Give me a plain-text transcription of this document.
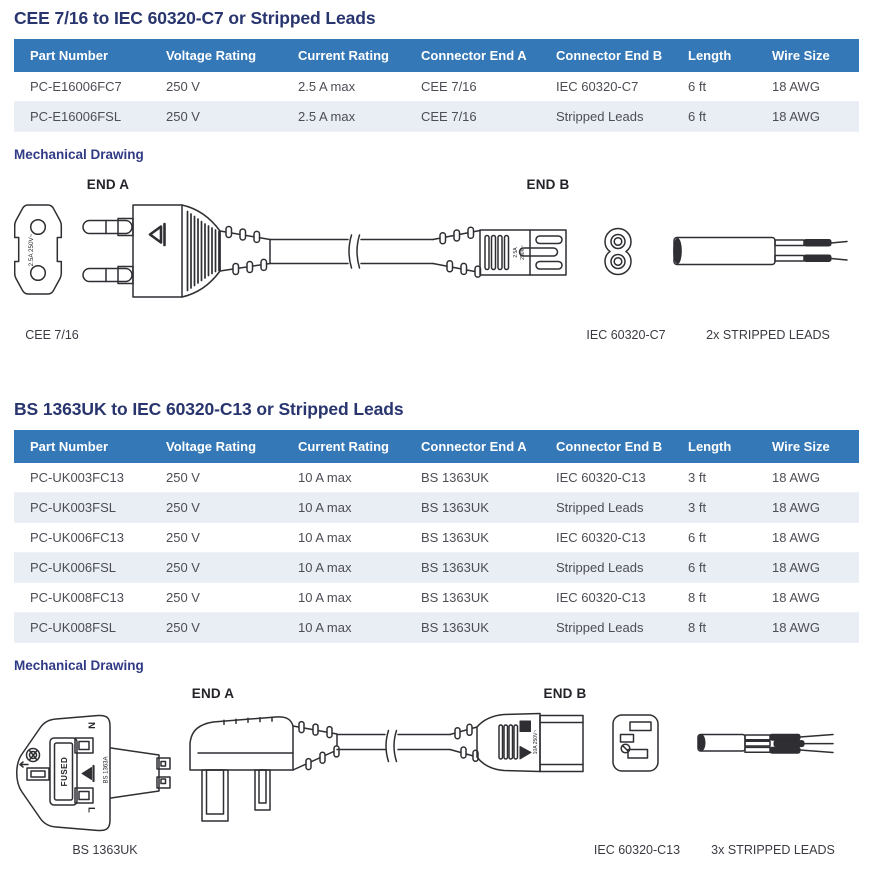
CEE 7/16 to IEC 60320-C7 or Stripped Leads
Part Number	Voltage Rating	Current Rating	Connector End A	Connector End B	Length	Wire Size
PC-E16006FC7	250 V	2.5 A max	CEE 7/16	IEC 60320-C7	6 ft	18 AWG
PC-E16006FSL	250 V	2.5 A max	CEE 7/16	Stripped Leads	6 ft	18 AWG
Mechanical Drawing
END A	END B
2.5A 250V~	2.5A 250V~
CEE 7/16	IEC 60320-C7	2x STRIPPED LEADS
BS 1363UK to IEC 60320-C13 or Stripped Leads
Part Number	Voltage Rating	Current Rating	Connector End A	Connector End B	Length	Wire Size
PC-UK003FC13	250 V	10 A max	BS 1363UK	IEC 60320-C13	3 ft	18 AWG
PC-UK003FSL	250 V	10 A max	BS 1363UK	Stripped Leads	3 ft	18 AWG
PC-UK006FC13	250 V	10 A max	BS 1363UK	IEC 60320-C13	6 ft	18 AWG
PC-UK006FSL	250 V	10 A max	BS 1363UK	Stripped Leads	6 ft	18 AWG
PC-UK008FC13	250 V	10 A max	BS 1363UK	IEC 60320-C13	8 ft	18 AWG
PC-UK008FSL	250 V	10 A max	BS 1363UK	Stripped Leads	8 ft	18 AWG
Mechanical Drawing
END A	END B
FUSED
N
L
BS 1363A
10A 250V~
BS 1363UK	IEC 60320-C13 3x STRIPPED LEADS
